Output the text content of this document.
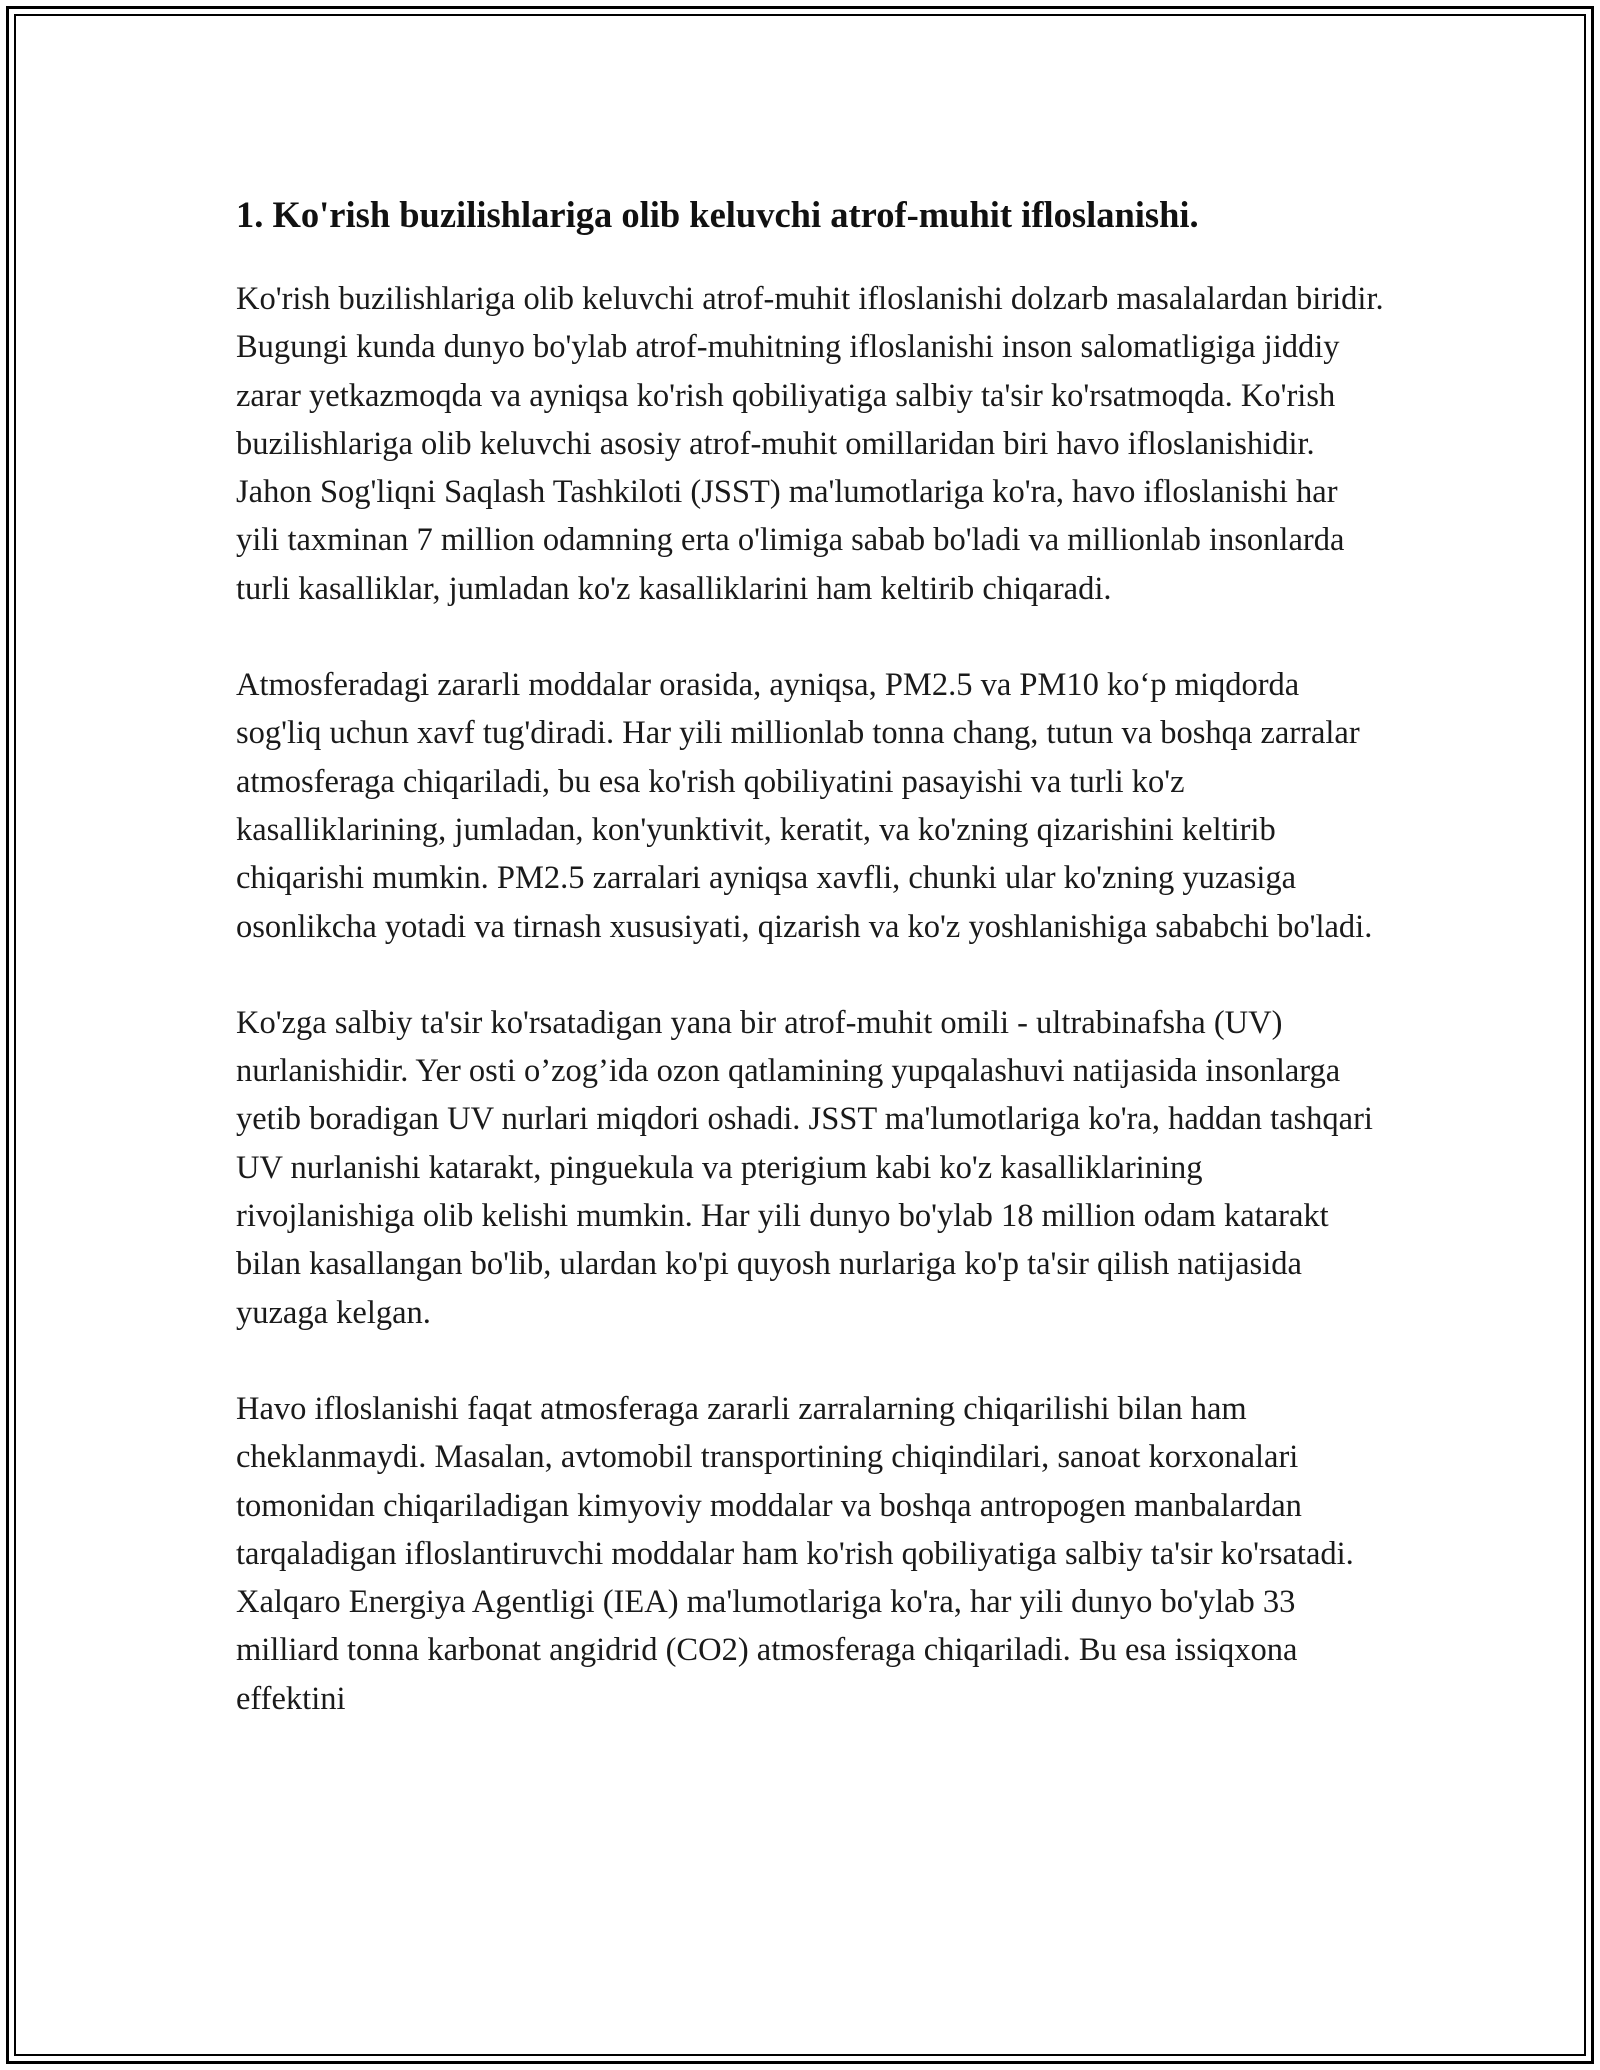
1. Ko'rish buzilishlariga olib keluvchi atrof-muhit ifloslanishi.

Ko'rish buzilishlariga olib keluvchi atrof-muhit ifloslanishi dolzarb masalalardan biridir. Bugungi kunda dunyo bo'ylab atrof-muhitning ifloslanishi inson salomatligiga jiddiy zarar yetkazmoqda va ayniqsa ko'rish qobiliyatiga salbiy ta'sir ko'rsatmoqda. Ko'rish buzilishlariga olib keluvchi asosiy atrof-muhit omillaridan biri havo ifloslanishidir. Jahon Sog'liqni Saqlash Tashkiloti (JSST) ma'lumotlariga ko'ra, havo ifloslanishi har yili taxminan 7 million odamning erta o'limiga sabab bo'ladi va millionlab insonlarda turli kasalliklar, jumladan ko'z kasalliklarini ham keltirib chiqaradi.

Atmosferadagi zararli moddalar orasida, ayniqsa, PM2.5 va PM10 ko‘p miqdorda sog'liq uchun xavf tug'diradi. Har yili millionlab tonna chang, tutun va boshqa zarralar atmosferaga chiqariladi, bu esa ko'rish qobiliyatini pasayishi va turli ko'z kasalliklarining, jumladan, kon'yunktivit, keratit, va ko'zning qizarishini keltirib chiqarishi mumkin. PM2.5 zarralari ayniqsa xavfli, chunki ular ko'zning yuzasiga osonlikcha yotadi va tirnash xususiyati, qizarish va ko'z yoshlanishiga sababchi bo'ladi.

Ko'zga salbiy ta'sir ko'rsatadigan yana bir atrof-muhit omili - ultrabinafsha (UV) nurlanishidir. Yer osti o’zog’ida ozon qatlamining yupqalashuvi natijasida insonlarga yetib boradigan UV nurlari miqdori oshadi. JSST ma'lumotlariga ko'ra, haddan tashqari UV nurlanishi katarakt, pinguekula va pterigium kabi ko'z kasalliklarining rivojlanishiga olib kelishi mumkin. Har yili dunyo bo'ylab 18 million odam katarakt bilan kasallangan bo'lib, ulardan ko'pi quyosh nurlariga ko'p ta'sir qilish natijasida yuzaga kelgan.

Havo ifloslanishi faqat atmosferaga zararli zarralarning chiqarilishi bilan ham cheklanmaydi. Masalan, avtomobil transportining chiqindilari, sanoat korxonalari tomonidan chiqariladigan kimyoviy moddalar va boshqa antropogen manbalardan tarqaladigan ifloslantiruvchi moddalar ham ko'rish qobiliyatiga salbiy ta'sir ko'rsatadi. Xalqaro Energiya Agentligi (IEA) ma'lumotlariga ko'ra, har yili dunyo bo'ylab 33 milliard tonna karbonat angidrid (CO2) atmosferaga chiqariladi. Bu esa issiqxona effektini
